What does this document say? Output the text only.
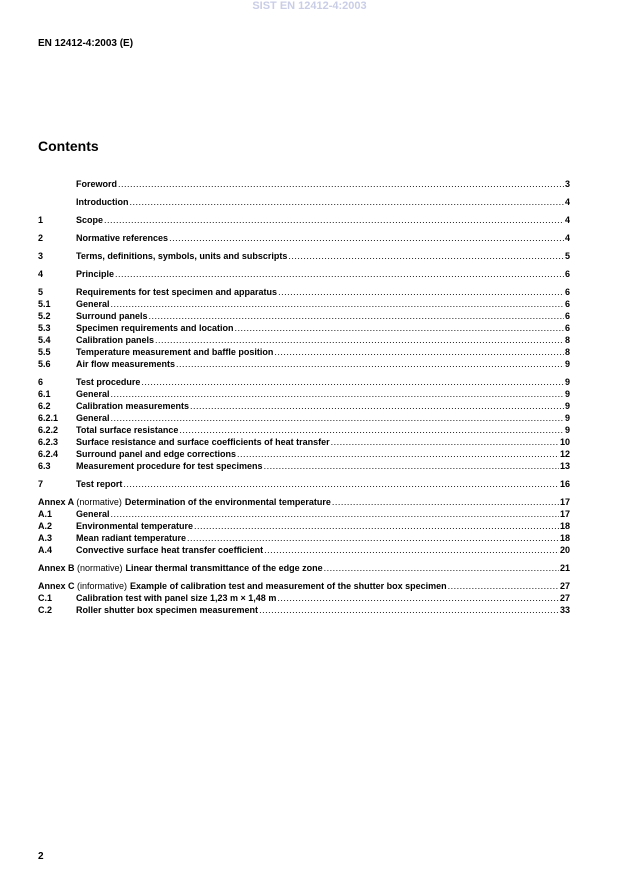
SIST EN 12412-4:2003
EN 12412-4:2003 (E)
Contents
Foreword .....	3
Introduction .....	4
1	Scope .....	4
2	Normative references .....	4
3	Terms, definitions, symbols, units and subscripts .....	5
4	Principle .....	6
5	Requirements for test specimen and apparatus .....	6
5.1	General .....	6
5.2	Surround panels .....	6
5.3	Specimen requirements and location .....	6
5.4	Calibration panels .....	8
5.5	Temperature measurement and baffle position .....	8
5.6	Air flow measurements .....	9
6	Test procedure .....	9
6.1	General .....	9
6.2	Calibration measurements .....	9
6.2.1	General .....	9
6.2.2	Total surface resistance .....	9
6.2.3	Surface resistance and surface coefficients of heat transfer .....	10
6.2.4	Surround panel and edge corrections .....	12
6.3	Measurement procedure for test specimens .....	13
7	Test report .....	16
Annex A (normative) Determination of the environmental temperature .....	17
A.1	General .....	17
A.2	Environmental temperature .....	18
A.3	Mean radiant temperature .....	18
A.4	Convective surface heat transfer coefficient .....	20
Annex B (normative) Linear thermal transmittance of the edge zone .....	21
Annex C (informative) Example of calibration test and measurement of the shutter box specimen .....	27
C.1	Calibration test with panel size 1,23 m × 1,48 m .....	27
C.2	Roller shutter box specimen measurement .....	33
2
